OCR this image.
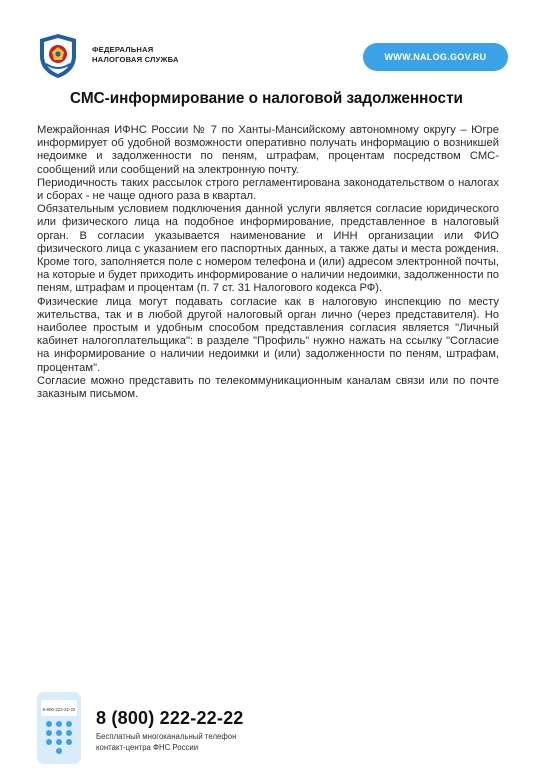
ФЕДЕРАЛЬНАЯ
НАЛОГОВАЯ СЛУЖБА	WWW.NALOG.GOV.RU
СМС-информирование о налоговой задолженности

Межрайонная ИФНС России № 7 по Ханты-Мансийскому автономному округу – Югре информирует об удобной возможности оперативно получать информацию о возникшей недоимке и задолженности по пеням, штрафам, процентам посредством СМС-сообщений или сообщений на электронную почту.

Периодичность таких рассылок строго регламентирована законодательством о налогах и сборах - не чаще одного раза в квартал.

Обязательным условием подключения данной услуги является согласие юридического или физического лица на подобное информирование, представленное в налоговый орган. В согласии указывается наименование и ИНН организации или ФИО физического лица с указанием его паспортных данных, а также даты и места рождения. Кроме того, заполняется поле с номером телефона и (или) адресом электронной почты, на которые и будет приходить информирование о наличии недоимки, задолженности по пеням, штрафам и процентам (п. 7 ст. 31 Налогового кодекса РФ).

Физические лица могут подавать согласие как в налоговую инспекцию по месту жительства, так и в любой другой налоговый орган лично (через представителя). Но наиболее простым и удобным способом представления согласия является "Личный кабинет налогоплательщика": в разделе "Профиль" нужно нажать на ссылку "Согласие на информирование о наличии недоимки и (или) задолженности по пеням, штрафам, процентам".

Согласие можно представить по телекоммуникационным каналам связи или по почте заказным письмом.

8-800-222-22-22 8 (800) 222-22-22
Бесплатный многоканальный телефон
контакт-центра ФНС России
